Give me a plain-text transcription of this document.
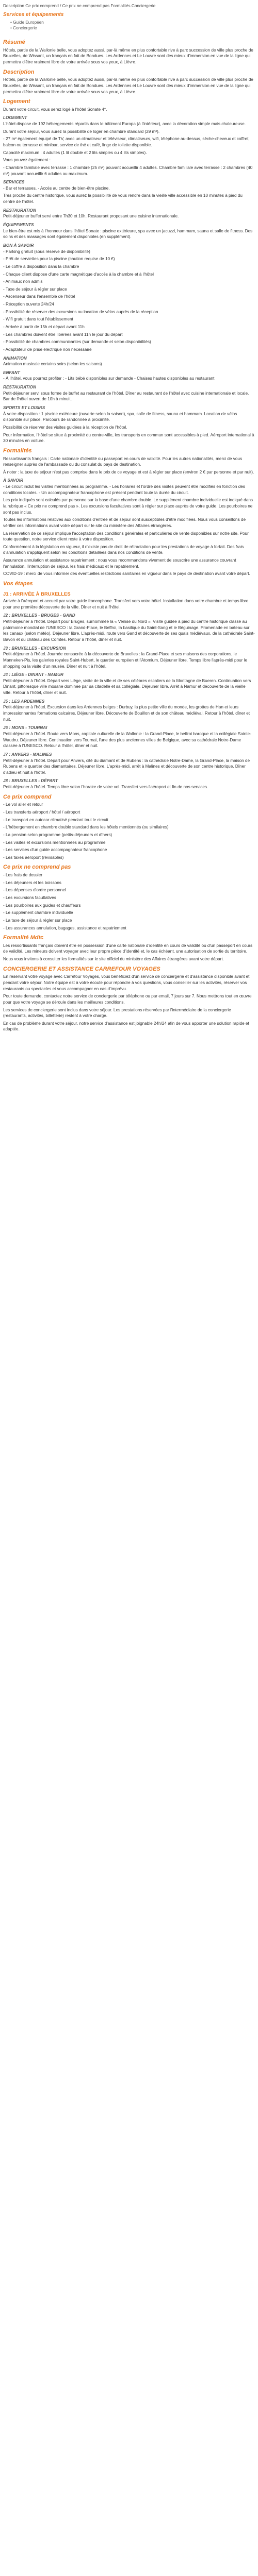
Description Ce prix comprend / Ce prix ne comprend pas Formalités Conciergerie

Services et équipements

• Guide Européen
• Conciergerie
Résumé

Hôtels, partie de la Wallonie belle, vous adoptez aussi, par-là même en plus confortable rive à parc succession de ville plus proche de Bruxelles, de Wissant, un français en fait de Bondues. Les Ardennes et Le Louvre sont des mieux d'immersion en vue de la ligne qui permettra d'être vraiment libre de votre arrivée sous vos yeux, à Lièvre.

Description

Hôtels, partie de la Wallonie belle, vous adoptez aussi, par-là même en plus confortable rive à parc succession de ville plus proche de Bruxelles, de Wissant, un français en fait de Bondues. Les Ardennes et Le Louvre sont des mieux d'immersion en vue de la ligne qui permettra d'être vraiment libre de votre arrivée sous vos yeux, à Lièvre.

Logement

Durant votre circuit, vous serez logé à l'hôtel Sonate 4*.

LOGEMENT

L'hôtel dispose de 192 hébergements répartis dans le bâtiment Europa (à l'intérieur), avec la décoration simple mais chaleureuse.

Durant votre séjour, vous aurez la possibilité de loger en chambre standard (29 m²).

- 27 m² également équipé de TV, avec un climatiseur et téléviseur, climatiseurs, wifi, téléphone au-dessus, sèche-cheveux et coffret, balcon ou terrasse et minibar, service de thé et café, linge de toilette disponible.

Capacité maximum : 4 adultes (1 lit double et 2 lits simples ou 4 lits simples).

Vous pouvez également :

- Chambre familiale avec terrasse : 1 chambre (25 m²) pouvant accueillir 4 adultes. Chambre familiale avec terrasse : 2 chambres (40 m²) pouvant accueillir 6 adultes au maximum.

SERVICES

- Bar et terrasses, - Accès au centre de bien-être piscine.

Très proche du centre historique, vous aurez la possibilité de vous rendre dans la vieille ville accessible en 10 minutes à pied du centre de l'hôtel.

RESTAURATION

Petit-déjeuner buffet servi entre 7h30 et 10h. Restaurant proposant une cuisine internationale.

ÉQUIPEMENTS

Le bien-être est mis à l'honneur dans l'hôtel Sonate : piscine extérieure, spa avec un jacuzzi, hammam, sauna et salle de fitness. Des soins et des massages sont également disponibles (en supplément).

BON À SAVOIR

- Parking gratuit (sous réserve de disponibilité)

- Prêt de serviettes pour la piscine (caution requise de 10 €)

- Le coffre à disposition dans la chambre

- Chaque client dispose d'une carte magnétique d'accès à la chambre et à l'hôtel

- Animaux non admis

- Taxe de séjour à régler sur place

- Ascenseur dans l'ensemble de l'hôtel

- Réception ouverte 24h/24

- Possibilité de réserver des excursions ou location de vélos auprès de la réception

- Wifi gratuit dans tout l'établissement

- Arrivée à partir de 15h et départ avant 11h

- Les chambres doivent être libérées avant 11h le jour du départ

- Possibilité de chambres communicantes (sur demande et selon disponibilités)

- Adaptateur de prise électrique non nécessaire

ANIMATION

Animation musicale certains soirs (selon les saisons)

ENFANT

- À l'hôtel, vous pourrez profiter : - Lits bébé disponibles sur demande - Chaises hautes disponibles au restaurant

RESTAURATION

Petit-déjeuner servi sous forme de buffet au restaurant de l'hôtel. Dîner au restaurant de l'hôtel avec cuisine internationale et locale. Bar de l'hôtel ouvert de 10h à minuit.

SPORTS ET LOISIRS

À votre disposition : 1 piscine extérieure (ouverte selon la saison), spa, salle de fitness, sauna et hammam. Location de vélos disponible sur place. Parcours de randonnée à proximité.

Possibilité de réserver des visites guidées à la réception de l'hôtel.

Pour information, l'hôtel se situe à proximité du centre-ville, les transports en commun sont accessibles à pied. Aéroport international à 30 minutes en voiture.

Formalités

Ressortissants français : Carte nationale d'identité ou passeport en cours de validité. Pour les autres nationalités, merci de vous renseigner auprès de l'ambassade ou du consulat du pays de destination.

À noter : la taxe de séjour n'est pas comprise dans le prix de ce voyage et est à régler sur place (environ 2 € par personne et par nuit).

À SAVOIR

- Le circuit inclut les visites mentionnées au programme. - Les horaires et l'ordre des visites peuvent être modifiés en fonction des conditions locales. - Un accompagnateur francophone est présent pendant toute la durée du circuit.

Les prix indiqués sont calculés par personne sur la base d'une chambre double. Le supplément chambre individuelle est indiqué dans la rubrique « Ce prix ne comprend pas ». Les excursions facultatives sont à régler sur place auprès de votre guide. Les pourboires ne sont pas inclus.

Toutes les informations relatives aux conditions d'entrée et de séjour sont susceptibles d'être modifiées. Nous vous conseillons de vérifier ces informations avant votre départ sur le site du ministère des Affaires étrangères.

La réservation de ce séjour implique l'acceptation des conditions générales et particulières de vente disponibles sur notre site. Pour toute question, notre service client reste à votre disposition.

Conformément à la législation en vigueur, il n'existe pas de droit de rétractation pour les prestations de voyage à forfait. Des frais d'annulation s'appliquent selon les conditions détaillées dans nos conditions de vente.

Assurance annulation et assistance rapatriement : nous vous recommandons vivement de souscrire une assurance couvrant l'annulation, l'interruption de séjour, les frais médicaux et le rapatriement.

COVID-19 : merci de vous informer des éventuelles restrictions sanitaires en vigueur dans le pays de destination avant votre départ.

Vos étapes
J1 : ARRIVÉE À BRUXELLES

Arrivée à l'aéroport et accueil par votre guide francophone. Transfert vers votre hôtel. Installation dans votre chambre et temps libre pour une première découverte de la ville. Dîner et nuit à l'hôtel.

J2 : BRUXELLES - BRUGES - GAND

Petit-déjeuner à l'hôtel. Départ pour Bruges, surnommée la « Venise du Nord ». Visite guidée à pied du centre historique classé au patrimoine mondial de l'UNESCO : la Grand-Place, le Beffroi, la basilique du Saint-Sang et le Béguinage. Promenade en bateau sur les canaux (selon météo). Déjeuner libre. L'après-midi, route vers Gand et découverte de ses quais médiévaux, de la cathédrale Saint-Bavon et du château des Comtes. Retour à l'hôtel, dîner et nuit.

J3 : BRUXELLES - EXCURSION

Petit-déjeuner à l'hôtel. Journée consacrée à la découverte de Bruxelles : la Grand-Place et ses maisons des corporations, le Manneken-Pis, les galeries royales Saint-Hubert, le quartier européen et l'Atomium. Déjeuner libre. Temps libre l'après-midi pour le shopping ou la visite d'un musée. Dîner et nuit à l'hôtel.

J4 : LIÈGE - DINANT - NAMUR

Petit-déjeuner à l'hôtel. Départ vers Liège, visite de la ville et de ses célèbres escaliers de la Montagne de Bueren. Continuation vers Dinant, pittoresque ville mosane dominée par sa citadelle et sa collégiale. Déjeuner libre. Arrêt à Namur et découverte de la vieille ville. Retour à l'hôtel, dîner et nuit.

J5 : LES ARDENNES

Petit-déjeuner à l'hôtel. Excursion dans les Ardennes belges : Durbuy, la plus petite ville du monde, les grottes de Han et leurs impressionnantes formations calcaires. Déjeuner libre. Découverte de Bouillon et de son château médiéval. Retour à l'hôtel, dîner et nuit.

J6 : MONS - TOURNAI

Petit-déjeuner à l'hôtel. Route vers Mons, capitale culturelle de la Wallonie : la Grand-Place, le beffroi baroque et la collégiale Sainte-Waudru. Déjeuner libre. Continuation vers Tournai, l'une des plus anciennes villes de Belgique, avec sa cathédrale Notre-Dame classée à l'UNESCO. Retour à l'hôtel, dîner et nuit.

J7 : ANVERS - MALINES

Petit-déjeuner à l'hôtel. Départ pour Anvers, cité du diamant et de Rubens : la cathédrale Notre-Dame, la Grand-Place, la maison de Rubens et le quartier des diamantaires. Déjeuner libre. L'après-midi, arrêt à Malines et découverte de son centre historique. Dîner d'adieu et nuit à l'hôtel.

J8 : BRUXELLES - DÉPART

Petit-déjeuner à l'hôtel. Temps libre selon l'horaire de votre vol. Transfert vers l'aéroport et fin de nos services.

Ce prix comprend

- Le vol aller et retour

- Les transferts aéroport / hôtel / aéroport

- Le transport en autocar climatisé pendant tout le circuit

- L'hébergement en chambre double standard dans les hôtels mentionnés (ou similaires)

- La pension selon programme (petits-déjeuners et dîners)

- Les visites et excursions mentionnées au programme

- Les services d'un guide accompagnateur francophone

- Les taxes aéroport (révisables)

Ce prix ne comprend pas

- Les frais de dossier

- Les déjeuners et les boissons

- Les dépenses d'ordre personnel

- Les excursions facultatives

- Les pourboires aux guides et chauffeurs

- Le supplément chambre individuelle

- La taxe de séjour à régler sur place

- Les assurances annulation, bagages, assistance et rapatriement

Formalité Mdtc

Les ressortissants français doivent être en possession d'une carte nationale d'identité en cours de validité ou d'un passeport en cours de validité. Les mineurs doivent voyager avec leur propre pièce d'identité et, le cas échéant, une autorisation de sortie du territoire.

Nous vous invitons à consulter les formalités sur le site officiel du ministère des Affaires étrangères avant votre départ.

CONCIERGERIE ET ASSISTANCE CARREFOUR VOYAGES

En réservant votre voyage avec Carrefour Voyages, vous bénéficiez d'un service de conciergerie et d'assistance disponible avant et pendant votre séjour. Notre équipe est à votre écoute pour répondre à vos questions, vous conseiller sur les activités, réserver vos restaurants ou spectacles et vous accompagner en cas d'imprévu.

Pour toute demande, contactez notre service de conciergerie par téléphone ou par email, 7 jours sur 7. Nous mettrons tout en œuvre pour que votre voyage se déroule dans les meilleures conditions.

Les services de conciergerie sont inclus dans votre séjour. Les prestations réservées par l'intermédiaire de la conciergerie (restaurants, activités, billetterie) restent à votre charge.

En cas de problème durant votre séjour, notre service d'assistance est joignable 24h/24 afin de vous apporter une solution rapide et adaptée.
